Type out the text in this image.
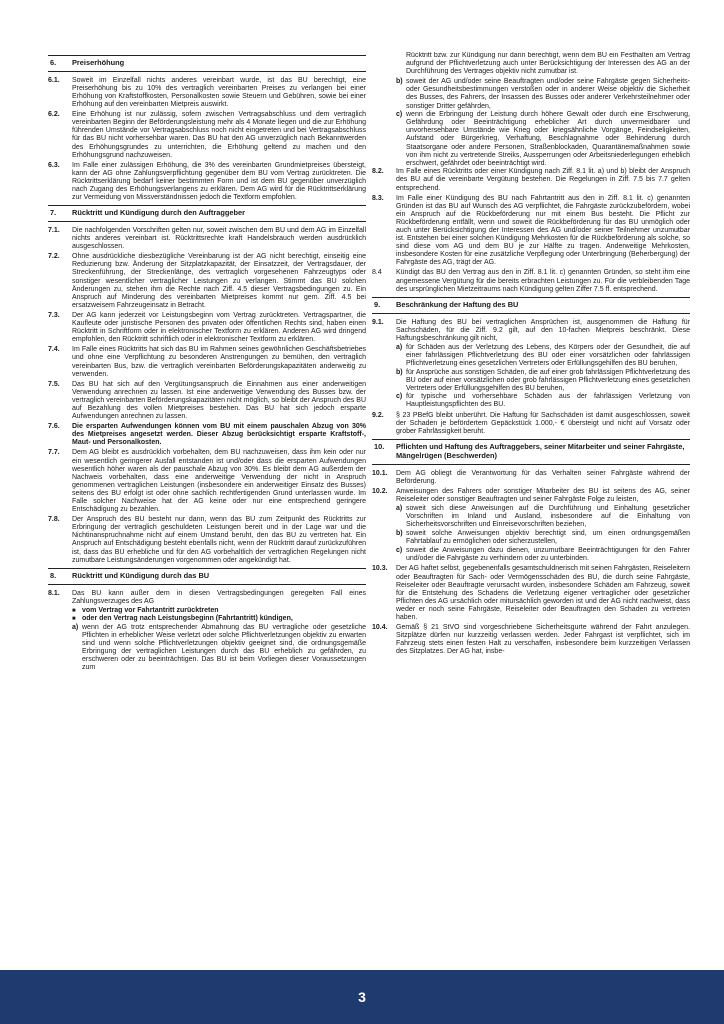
6.	Preiserhöhung
6.1.	Soweit im Einzelfall nichts anderes vereinbart wurde, ist das BU berechtigt, eine Preiserhöhung bis zu 10% des vertraglich vereinbarten Preises zu verlangen bei einer Erhöhung von Kraftstoffkosten, Personalkosten sowie Steuern und Gebühren, sowie bei einer Erhöhung auf den vereinbarten Mietpreis auswirkt.
6.2.	Eine Erhöhung ist nur zulässig, sofern zwischen Vertragsabschluss und dem vertraglich vereinbarten Beginn der Beförderungsleistung mehr als 4 Monate liegen und die zur Erhöhung führenden Umstände vor Vertragsabschluss noch nicht eingetreten und bei Vertragsabschluss für das BU nicht vorhersehbar waren. Das BU hat den AG unverzüglich nach Bekanntwerden des Erhöhungsgrundes zu unterrichten, die Erhöhung geltend zu machen und den Erhöhungsgrund nachzuweisen.
6.3.	Im Falle einer zulässigen Erhöhung, die 3% des vereinbarten Grundmietpreises übersteigt, kann der AG ohne Zahlungsverpflichtung gegenüber dem BU vom Vertrag zurücktreten. Die Rücktrittserklärung bedarf keiner bestimmten Form und ist dem BU gegenüber unverzüglich nach Zugang des Erhöhungsverlangens zu erklären. Dem AG wird für die Rücktrittserklärung zur Vermeidung von Missverständnissen jedoch die Textform empfohlen.
7.	Rücktritt und Kündigung durch den Auftraggeber
7.1.	Die nachfolgenden Vorschriften gelten nur, soweit zwischen dem BU und dem AG im Einzelfall nichts anderes vereinbart ist. Rücktrittsrechte kraft Handelsbrauch werden ausdrücklich ausgeschlossen.
7.2.	Ohne ausdrückliche diesbezügliche Vereinbarung ist der AG nicht berechtigt, einseitig eine Reduzierung bzw. Änderung der Sitzplatzkapazität, der Einsatzzeit, der Vertragsdauer, der Streckenführung, der Streckenlänge, des vertraglich vorgesehenen Fahrzeugtyps oder sonstiger wesentlicher vertraglicher Leistungen zu verlangen. Stimmt das BU solchen Änderungen zu, stehen ihm die Rechte nach Ziff. 4.5 dieser Vertragsbedingungen zu. Ein Anspruch auf Minderung des vereinbarten Mietpreises kommt nur gem. Ziff. 4.5 bei ersatzweisem Fahrzeugeinsatz in Betracht.
7.3.	Der AG kann jederzeit vor Leistungsbeginn vom Vertrag zurücktreten. Vertragspartner, die Kaufleute oder juristische Personen des privaten oder öffentlichen Rechts sind, haben einen Rücktritt in Schriftform oder in elektronischer Textform zu erklären. Anderen AG wird dringend empfohlen, den Rücktritt schriftlich oder in elektronischer Textform zu erklären.
7.4.	Im Falle eines Rücktritts hat sich das BU im Rahmen seines gewöhnlichen Geschäftsbetriebes und ohne eine Verpflichtung zu besonderen Anstrengungen zu bemühen, den vertraglich vereinbarten Bus, bzw. die vertraglich vereinbarten Beförderungskapazitäten anderweitig zu verwenden.
7.5.	Das BU hat sich auf den Vergütungsanspruch die Einnahmen aus einer anderweitigen Verwendung anrechnen zu lassen. Ist eine anderweitige Verwendung des Busses bzw. der vertraglich vereinbarten Beförderungskapazitäten nicht möglich, so bleibt der Anspruch des BU auf Bezahlung des vollen Mietpreises bestehen. Das BU hat sich jedoch ersparte Aufwendungen anrechnen zu lassen.
7.6.	Die ersparten Aufwendungen können vom BU mit einem pauschalen Abzug von 30% des Mietpreises angesetzt werden. Dieser Abzug berücksichtigt ersparte Kraftstoff-, Maut- und Personalkosten.
7.7.	Dem AG bleibt es ausdrücklich vorbehalten, dem BU nachzuweisen, dass ihm kein oder nur ein wesentlich geringerer Ausfall entstanden ist und/oder dass die ersparten Aufwendungen wesentlich höher waren als der pauschale Abzug von 30%. Es bleibt dem AG außerdem der Nachweis vorbehalten, dass eine anderweitige Verwendung der nicht in Anspruch genommenen vertraglichen Leistungen (insbesondere ein anderweitiger Einsatz des Busses) seitens des BU erfolgt ist oder ohne sachlich rechtfertigenden Grund unterlassen wurde. Im Falle solcher Nachweise hat der AG keine oder nur eine entsprechend geringere Entschädigung zu bezahlen.
7.8.	Der Anspruch des BU besteht nur dann, wenn das BU zum Zeitpunkt des Rücktritts zur Erbringung der vertraglich geschuldeten Leistungen bereit und in der Lage war und die Nichtinanspruchnahme nicht auf einem Umstand beruht, den das BU zu vertreten hat. Ein Anspruch auf Entschädigung besteht ebenfalls nicht, wenn der Rücktritt darauf zurückzuführen ist, dass das BU erhebliche und für den AG vorbehaltlich der vertraglichen Regelungen nicht zumutbare Leistungsänderungen vorgenommen oder angekündigt hat.
8.	Rücktritt und Kündigung durch das BU
8.1.	Das BU kann außer dem in diesen Vertragsbedingungen geregelten Fall eines Zahlungsverzuges des AG

■ vom Vertrag vor Fahrtantritt zurücktreten
■ oder den Vertrag nach Leistungsbeginn (Fahrtantritt) kündigen,
a) wenn der AG trotz entsprechender Abmahnung das BU vertragliche oder gesetzliche Pflichten in erheblicher Weise verletzt oder solche Pflichtverletzungen objektiv zu erwarten sind und wenn solche Pflichtverletzungen objektiv geeignet sind, die ordnungsgemäße Erbringung der vertraglichen Leistungen durch das BU erheblich zu gefährden, zu erschweren oder zu beeinträchtigen. Das BU ist beim Vorliegen dieser Voraussetzungen zum

Rücktritt bzw. zur Kündigung nur dann berechtigt, wenn dem BU ein Festhalten am Vertrag aufgrund der Pflichtverletzung auch unter Berücksichtigung der Interessen des AG an der Durchführung des Vertrages objektiv nicht zumutbar ist.

b) soweit der AG und/oder seine Beauftragten und/oder seine Fahrgäste gegen Sicherheits- oder Gesundheitsbestimmungen verstoßen oder in anderer Weise objektiv die Sicherheit des Busses, des Fahrers, der Insassen des Busses oder anderer Verkehrsteilnehmer oder sonstiger Dritter gefährden,
c) wenn die Erbringung der Leistung durch höhere Gewalt oder durch eine Erschwerung, Gefährdung oder Beeinträchtigung erheblicher Art durch unvermeidbarer und unvorhersehbare Umstände wie Krieg oder kriegsähnliche Vorgänge, Feindseligkeiten, Aufstand oder Bürgerkrieg, Verhaftung, Beschlagnahme oder Behinderung durch Staatsorgane oder andere Personen, Straßenblockaden, Quarantänemaßnahmen sowie von ihm nicht zu vertretende Streiks, Aussperrungen oder Arbeitsniederlegungen erheblich erschwert, gefährdet oder beeinträchtigt wird.
8.2.	Im Falle eines Rücktritts oder einer Kündigung nach Ziff. 8.1 lit. a) und b) bleibt der Anspruch des BU auf die vereinbarte Vergütung bestehen. Die Regelungen in Ziff. 7.5 bis 7.7 gelten entsprechend.
8.3.	Im Falle einer Kündigung des BU nach Fahrtantritt aus den in Ziff. 8.1 lit. c) genannten Gründen ist das BU auf Wunsch des AG verpflichtet, die Fahrgäste zurückzubefördern, wobei ein Anspruch auf die Rückbeförderung nur mit einem Bus besteht. Die Pflicht zur Rückbeförderung entfällt, wenn und soweit die Rückbeförderung für das BU unmöglich oder auch unter Berücksichtigung der Interessen des AG und/oder seiner Teilnehmer unzumutbar ist. Entstehen bei einer solchen Kündigung Mehrkosten für die Rückbeförderung als solche, so sind diese vom AG und dem BU je zur Hälfte zu tragen. Anderweitige Mehrkosten, insbesondere Kosten für eine zusätzliche Verpflegung oder Unterbringung (Beherbergung) der Fahrgäste des AG, trägt der AG.
8.4	Kündigt das BU den Vertrag aus den in Ziff. 8.1 lit. c) genannten Gründen, so steht ihm eine angemessene Vergütung für die bereits erbrachten Leistungen zu. Für die verbleibenden Tage des ursprünglichen Mietzeitraums nach Kündigung gelten Ziffer 7.5 ff. entsprechend.
9.	Beschränkung der Haftung des BU
9.1.	Die Haftung des BU bei vertraglichen Ansprüchen ist, ausgenommen die Haftung für Sachschäden, für die Ziff. 9.2 gilt, auf den 10-fachen Mietpreis beschränkt. Diese Haftungsbeschränkung gilt nicht,

a) für Schäden aus der Verletzung des Lebens, des Körpers oder der Gesundheit, die auf einer fahrlässigen Pflichtverletzung des BU oder einer vorsätzlichen oder fahrlässigen Pflichtverletzung eines gesetzlichen Vertreters oder Erfüllungsgehilfen des BU beruhen,
b) für Ansprüche aus sonstigen Schäden, die auf einer grob fahrlässigen Pflichtverletzung des BU oder auf einer vorsätzlichen oder grob fahrlässigen Pflichtverletzung eines gesetzlichen Vertreters oder Erfüllungsgehilfen des BU beruhen,
c) für typische und vorhersehbare Schäden aus der fahrlässigen Verletzung von Hauptleistungspflichten des BU.
9.2.	§ 23 PBefG bleibt unberührt. Die Haftung für Sachschäden ist damit ausgeschlossen, soweit der Schaden je befördertem Gepäckstück 1.000,- € übersteigt und nicht auf Vorsatz oder grober Fahrlässigkeit beruht.
10.	Pflichten und Haftung des Auftraggebers, seiner Mitarbeiter und seiner Fahrgäste, Mängelrügen (Beschwerden)
10.1.	Dem AG obliegt die Verantwortung für das Verhalten seiner Fahrgäste während der Beförderung.
10.2.	Anweisungen des Fahrers oder sonstiger Mitarbeiter des BU ist seitens des AG, seiner Reiseleiter oder sonstiger Beauftragten und seiner Fahrgäste Folge zu leisten,

a) soweit sich diese Anweisungen auf die Durchführung und Einhaltung gesetzlicher Vorschriften im Inland und Ausland, insbesondere auf die Einhaltung von Sicherheitsvorschriften und Einreisevorschriften beziehen,
b) soweit solche Anweisungen objektiv berechtigt sind, um einen ordnungsgemäßen Fahrtablauf zu ermöglichen oder sicherzustellen,
c) soweit die Anweisungen dazu dienen, unzumutbare Beeinträchtigungen für den Fahrer und/oder die Fahrgäste zu verhindern oder zu unterbinden.
10.3.	Der AG haftet selbst, gegebenenfalls gesamtschuldnerisch mit seinen Fahrgästen, Reiseleitern oder Beauftragten für Sach- oder Vermögensschäden des BU, die durch seine Fahrgäste, Reiseleiter oder Beauftragte verursacht wurden, insbesondere Schäden am Fahrzeug, soweit für die Entstehung des Schadens die Verletzung eigener vertraglicher oder gesetzlicher Pflichten des AG ursächlich oder mitursächlich geworden ist und der AG nicht nachweist, dass weder er noch seine Fahrgäste, Reiseleiter oder Beauftragten den Schaden zu vertreten haben.
10.4.	Gemäß § 21 StVO sind vorgeschriebene Sicherheitsgurte während der Fahrt anzulegen. Sitzplätze dürfen nur kurzzeitig verlassen werden. Jeder Fahrgast ist verpflichtet, sich im Fahrzeug stets einen festen Halt zu verschaffen, insbesondere beim kurzzeitigen Verlassen des Sitzplatzes. Der AG hat, insbe-
3
